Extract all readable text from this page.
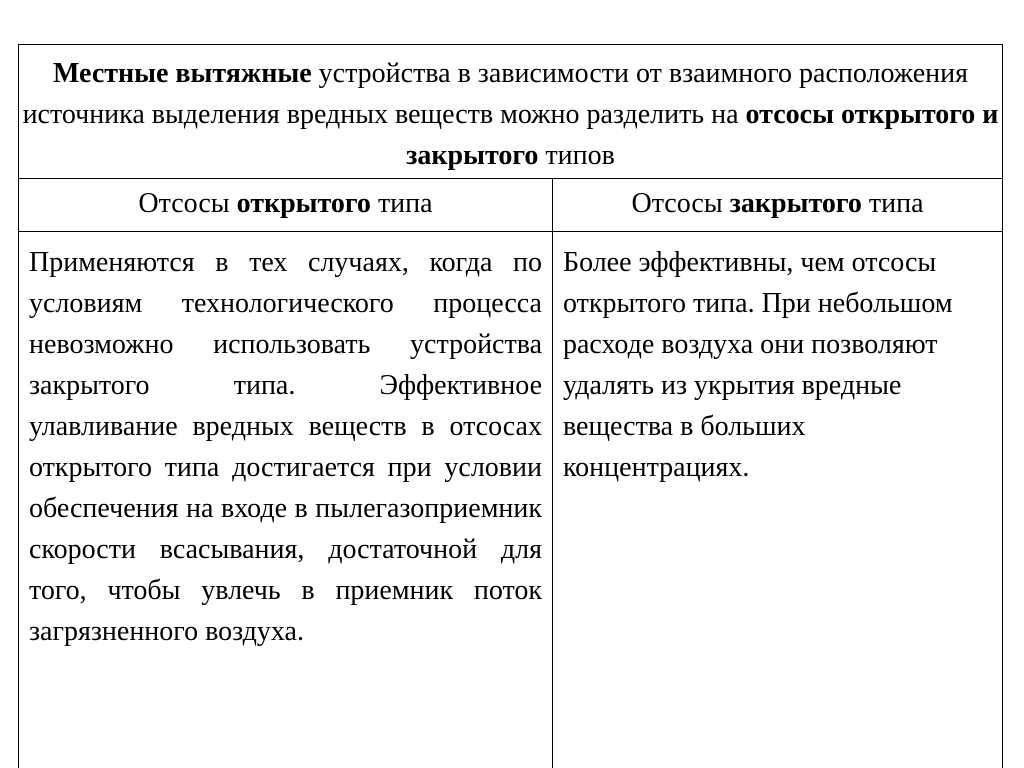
Местные вытяжные устройства в зависимости от взаимного расположения источника выделения вредных веществ можно разделить на отсосы открытого и закрытого типов	
Отсосы открытого типа	Отсосы закрытого типа
Применяются в тех случаях, когда по условиям технологического процесса невозможно использовать устройства закрытого типа. Эффективное улавливание вредных веществ в отсосах открытого типа достигается при условии обеспечения на входе в пылегазоприемник скорости всасывания, достаточной для того, чтобы увлечь в приемник поток загрязненного воздуха.	Более эффективны, чем отсосы открытого типа. При небольшом расходе воздуха они позволяют удалять из укрытия вредные вещества в больших концентрациях.
